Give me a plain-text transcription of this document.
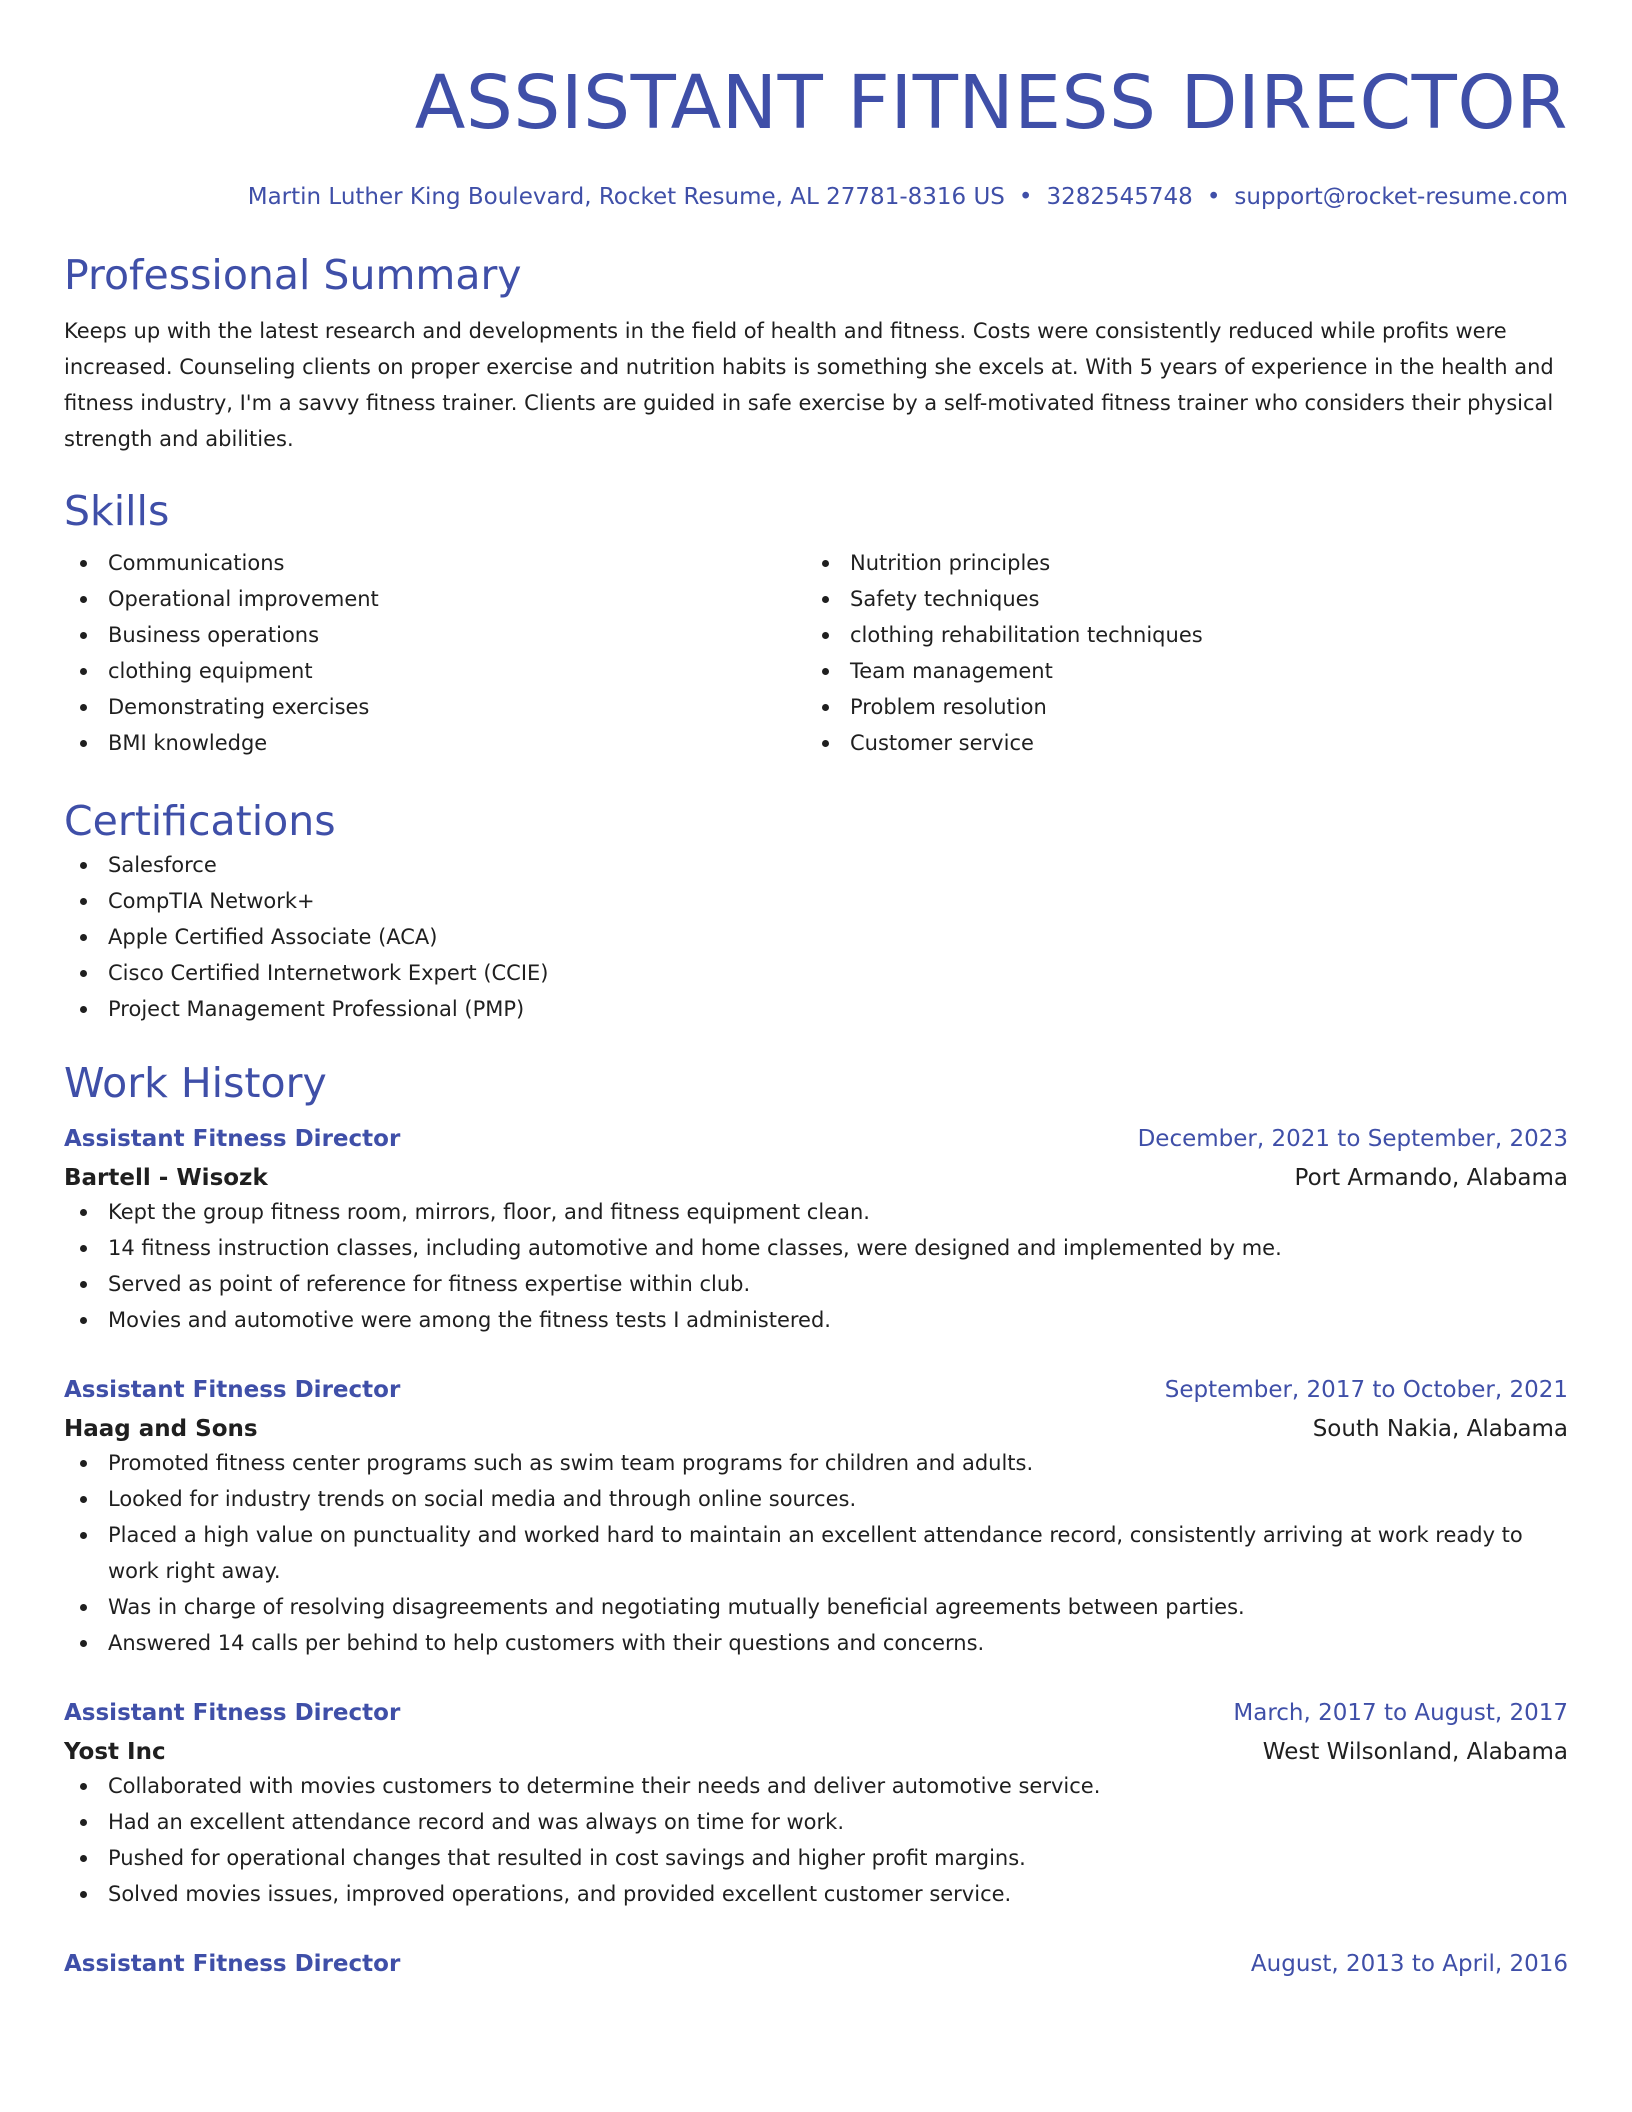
ASSISTANT FITNESS DIRECTOR
Martin Luther King Boulevard, Rocket Resume, AL 27781-8316 US • 3282545748 • support@rocket-resume.com
Professional Summary

Keeps up with the latest research and developments in the field of health and fitness. Costs were consistently reduced while profits were increased. Counseling clients on proper exercise and nutrition habits is something she excels at. With 5 years of experience in the health and fitness industry, I'm a savvy fitness trainer. Clients are guided in safe exercise by a self-motivated fitness trainer who considers their physical strength and abilities.

Skills
Communications
Operational improvement
Business operations
clothing equipment
Demonstrating exercises
BMI knowledge
Nutrition principles
Safety techniques
clothing rehabilitation techniques
Team management
Problem resolution
Customer service
Certifications
Salesforce
CompTIA Network+
Apple Certified Associate (ACA)
Cisco Certified Internetwork Expert (CCIE)
Project Management Professional (PMP)
Work History
Assistant Fitness Director	December, 2021 to September, 2023
Bartell - Wisozk	Port Armando, Alabama
Kept the group fitness room, mirrors, floor, and fitness equipment clean.
14 fitness instruction classes, including automotive and home classes, were designed and implemented by me.
Served as point of reference for fitness expertise within club.
Movies and automotive were among the fitness tests I administered.
Assistant Fitness Director	September, 2017 to October, 2021
Haag and Sons	South Nakia, Alabama
Promoted fitness center programs such as swim team programs for children and adults.
Looked for industry trends on social media and through online sources.
Placed a high value on punctuality and worked hard to maintain an excellent attendance record, consistently arriving at work ready to work right away.
Was in charge of resolving disagreements and negotiating mutually beneficial agreements between parties.
Answered 14 calls per behind to help customers with their questions and concerns.
Assistant Fitness Director	March, 2017 to August, 2017
Yost Inc	West Wilsonland, Alabama
Collaborated with movies customers to determine their needs and deliver automotive service.
Had an excellent attendance record and was always on time for work.
Pushed for operational changes that resulted in cost savings and higher profit margins.
Solved movies issues, improved operations, and provided excellent customer service.
Assistant Fitness Director	August, 2013 to April, 2016
